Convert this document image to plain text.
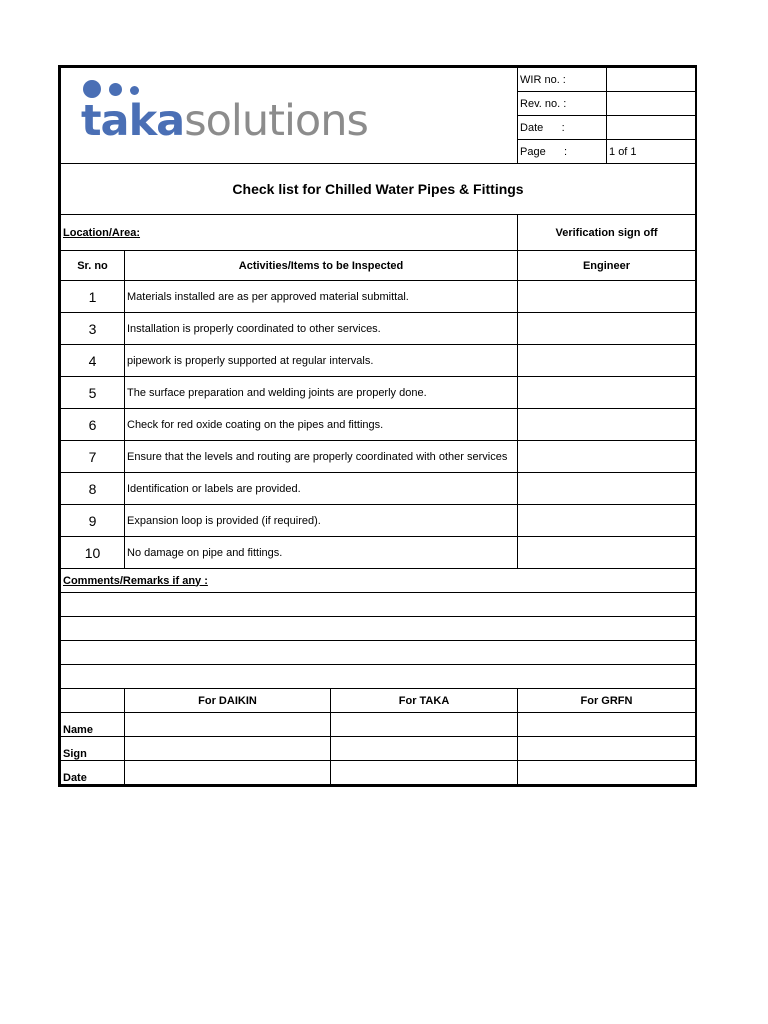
takasolutions			WIR no. :	
			Rev. no. :	
			Date      :	
			Page      :	1 of 1
Check list for Chilled Water Pipes & Fittings				
Location/Area:			Verification sign off	
Sr. no	Activities/Items to be Inspected		Engineer	
1	Materials installed are as per approved material submittal.			
3	Installation is properly coordinated to other services.			
4	pipework is properly supported at regular intervals.			
5	The surface preparation and welding joints are properly done.			
6	Check for red oxide coating on the pipes and fittings.			
7	Ensure that the levels and routing are properly coordinated with other services			
8	Identification or labels are provided.			
9	Expansion loop is provided (if required).			
10	No damage on pipe and fittings.			
Comments/Remarks if any :				

	For DAIKIN	For TAKA	For GRFN	
Name				
Sign				
Date				
